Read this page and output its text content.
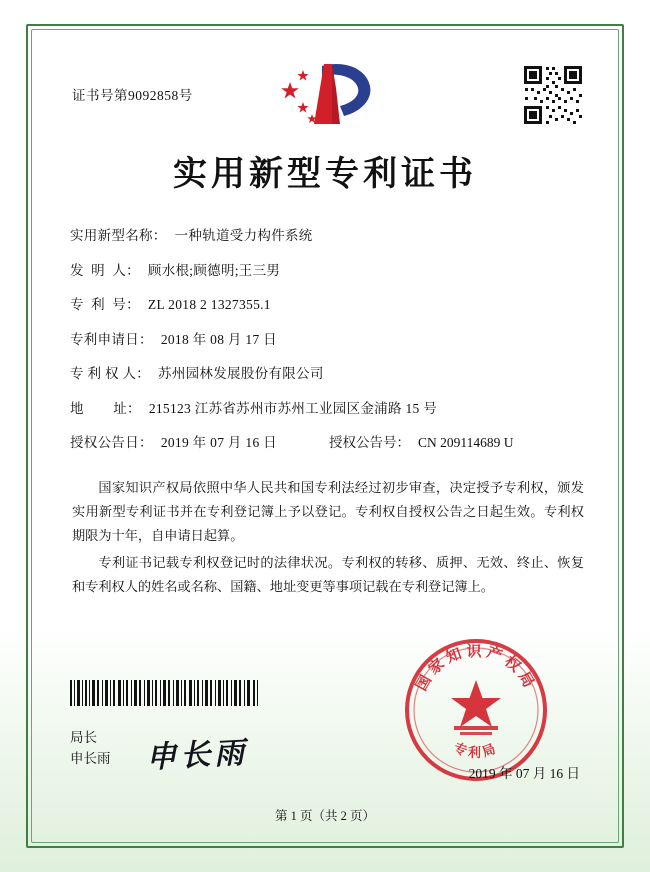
证书号第9092858号
实用新型专利证书
实用新型名称： 一种轨道受力构件系统
发  明  人： 顾水根;顾德明;王三男
专  利  号： ZL 2018 2 1327355.1
专利申请日： 2018 年 08 月 17 日
专 利 权 人： 苏州园林发展股份有限公司
地        址： 215123 江苏省苏州市苏州工业园区金浦路 15 号
授权公告日： 2019 年 07 月 16 日	授权公告号： CN 209114689 U

国家知识产权局依照中华人民共和国专利法经过初步审查，决定授予专利权，颁发实用新型专利证书并在专利登记簿上予以登记。专利权自授权公告之日起生效。专利权期限为十年，自申请日起算。

专利证书记载专利权登记时的法律状况。专利权的转移、质押、无效、终止、恢复和专利权人的姓名或名称、国籍、地址变更等事项记载在专利登记簿上。

局长
申长雨 申长雨
国家知识产权局
专利局
2019 年 07 月 16 日
第 1 页（共 2 页）
